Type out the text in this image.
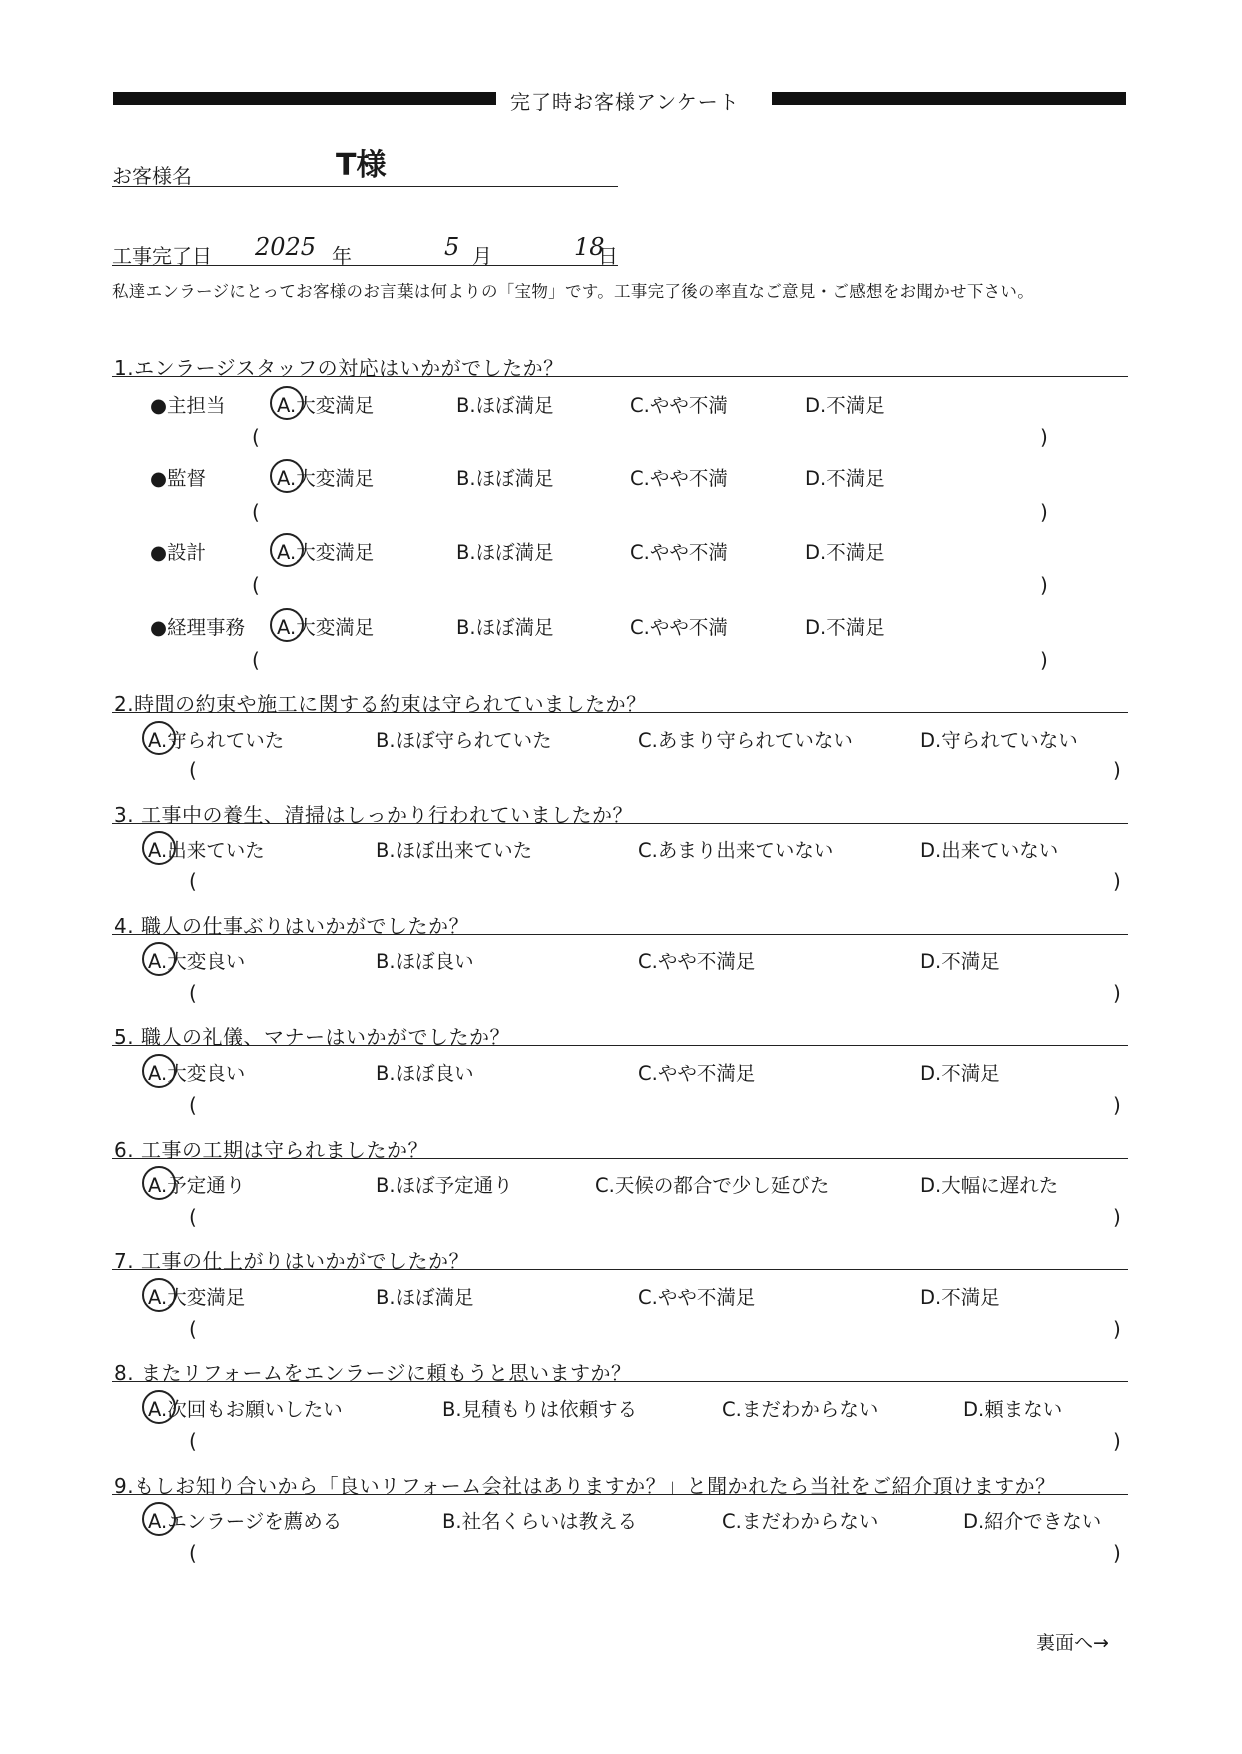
完了時お客様アンケート
お客様名	T様
工事完了日 2025 年	5 月	18
日
私達エンラージにとってお客様のお言葉は何よりの「宝物」です。工事完了後の率直なご意見・ご感想をお聞かせ下さい。
1.エンラージスタッフの対応はいかがでしたか？
●主担当	A.大変満足	B.ほぼ満足	C.やや不満	D.不満足
(	)
●監督	A.大変満足	B.ほぼ満足	C.やや不満	D.不満足
(	)
●設計	A.大変満足	B.ほぼ満足	C.やや不満	D.不満足
(	)
●経理事務 A.大変満足	B.ほぼ満足	C.やや不満	D.不満足
(	)
2.時間の約束や施工に関する約束は守られていましたか？
A.守られていた	B.ほぼ守られていた	C.あまり守られていない	D.守られていない
(	)
3. 工事中の養生、清掃はしっかり行われていましたか？
A.出来ていた	B.ほぼ出来ていた	C.あまり出来ていない	D.出来ていない
(	)
4. 職人の仕事ぶりはいかがでしたか？
A.大変良い	B.ほぼ良い	C.やや不満足	D.不満足
(	)
5. 職人の礼儀、マナーはいかがでしたか？
A.大変良い	B.ほぼ良い	C.やや不満足	D.不満足
(	)
6. 工事の工期は守られましたか？
A.予定通り	B.ほぼ予定通り	C.天候の都合で少し延びた	D.大幅に遅れた
(	)
7. 工事の仕上がりはいかがでしたか？
A.大変満足	B.ほぼ満足	C.やや不満足	D.不満足
(	)
8. またリフォームをエンラージに頼もうと思いますか？
A.次回もお願いしたい	B.見積もりは依頼する	C.まだわからない	D.頼まない
(	)
9.もしお知り合いから「良いリフォーム会社はありますか？」と聞かれたら当社をご紹介頂けますか？
A.エンラージを薦める	B.社名くらいは教える	C.まだわからない	D.紹介できない
(	)
裏面へ→
